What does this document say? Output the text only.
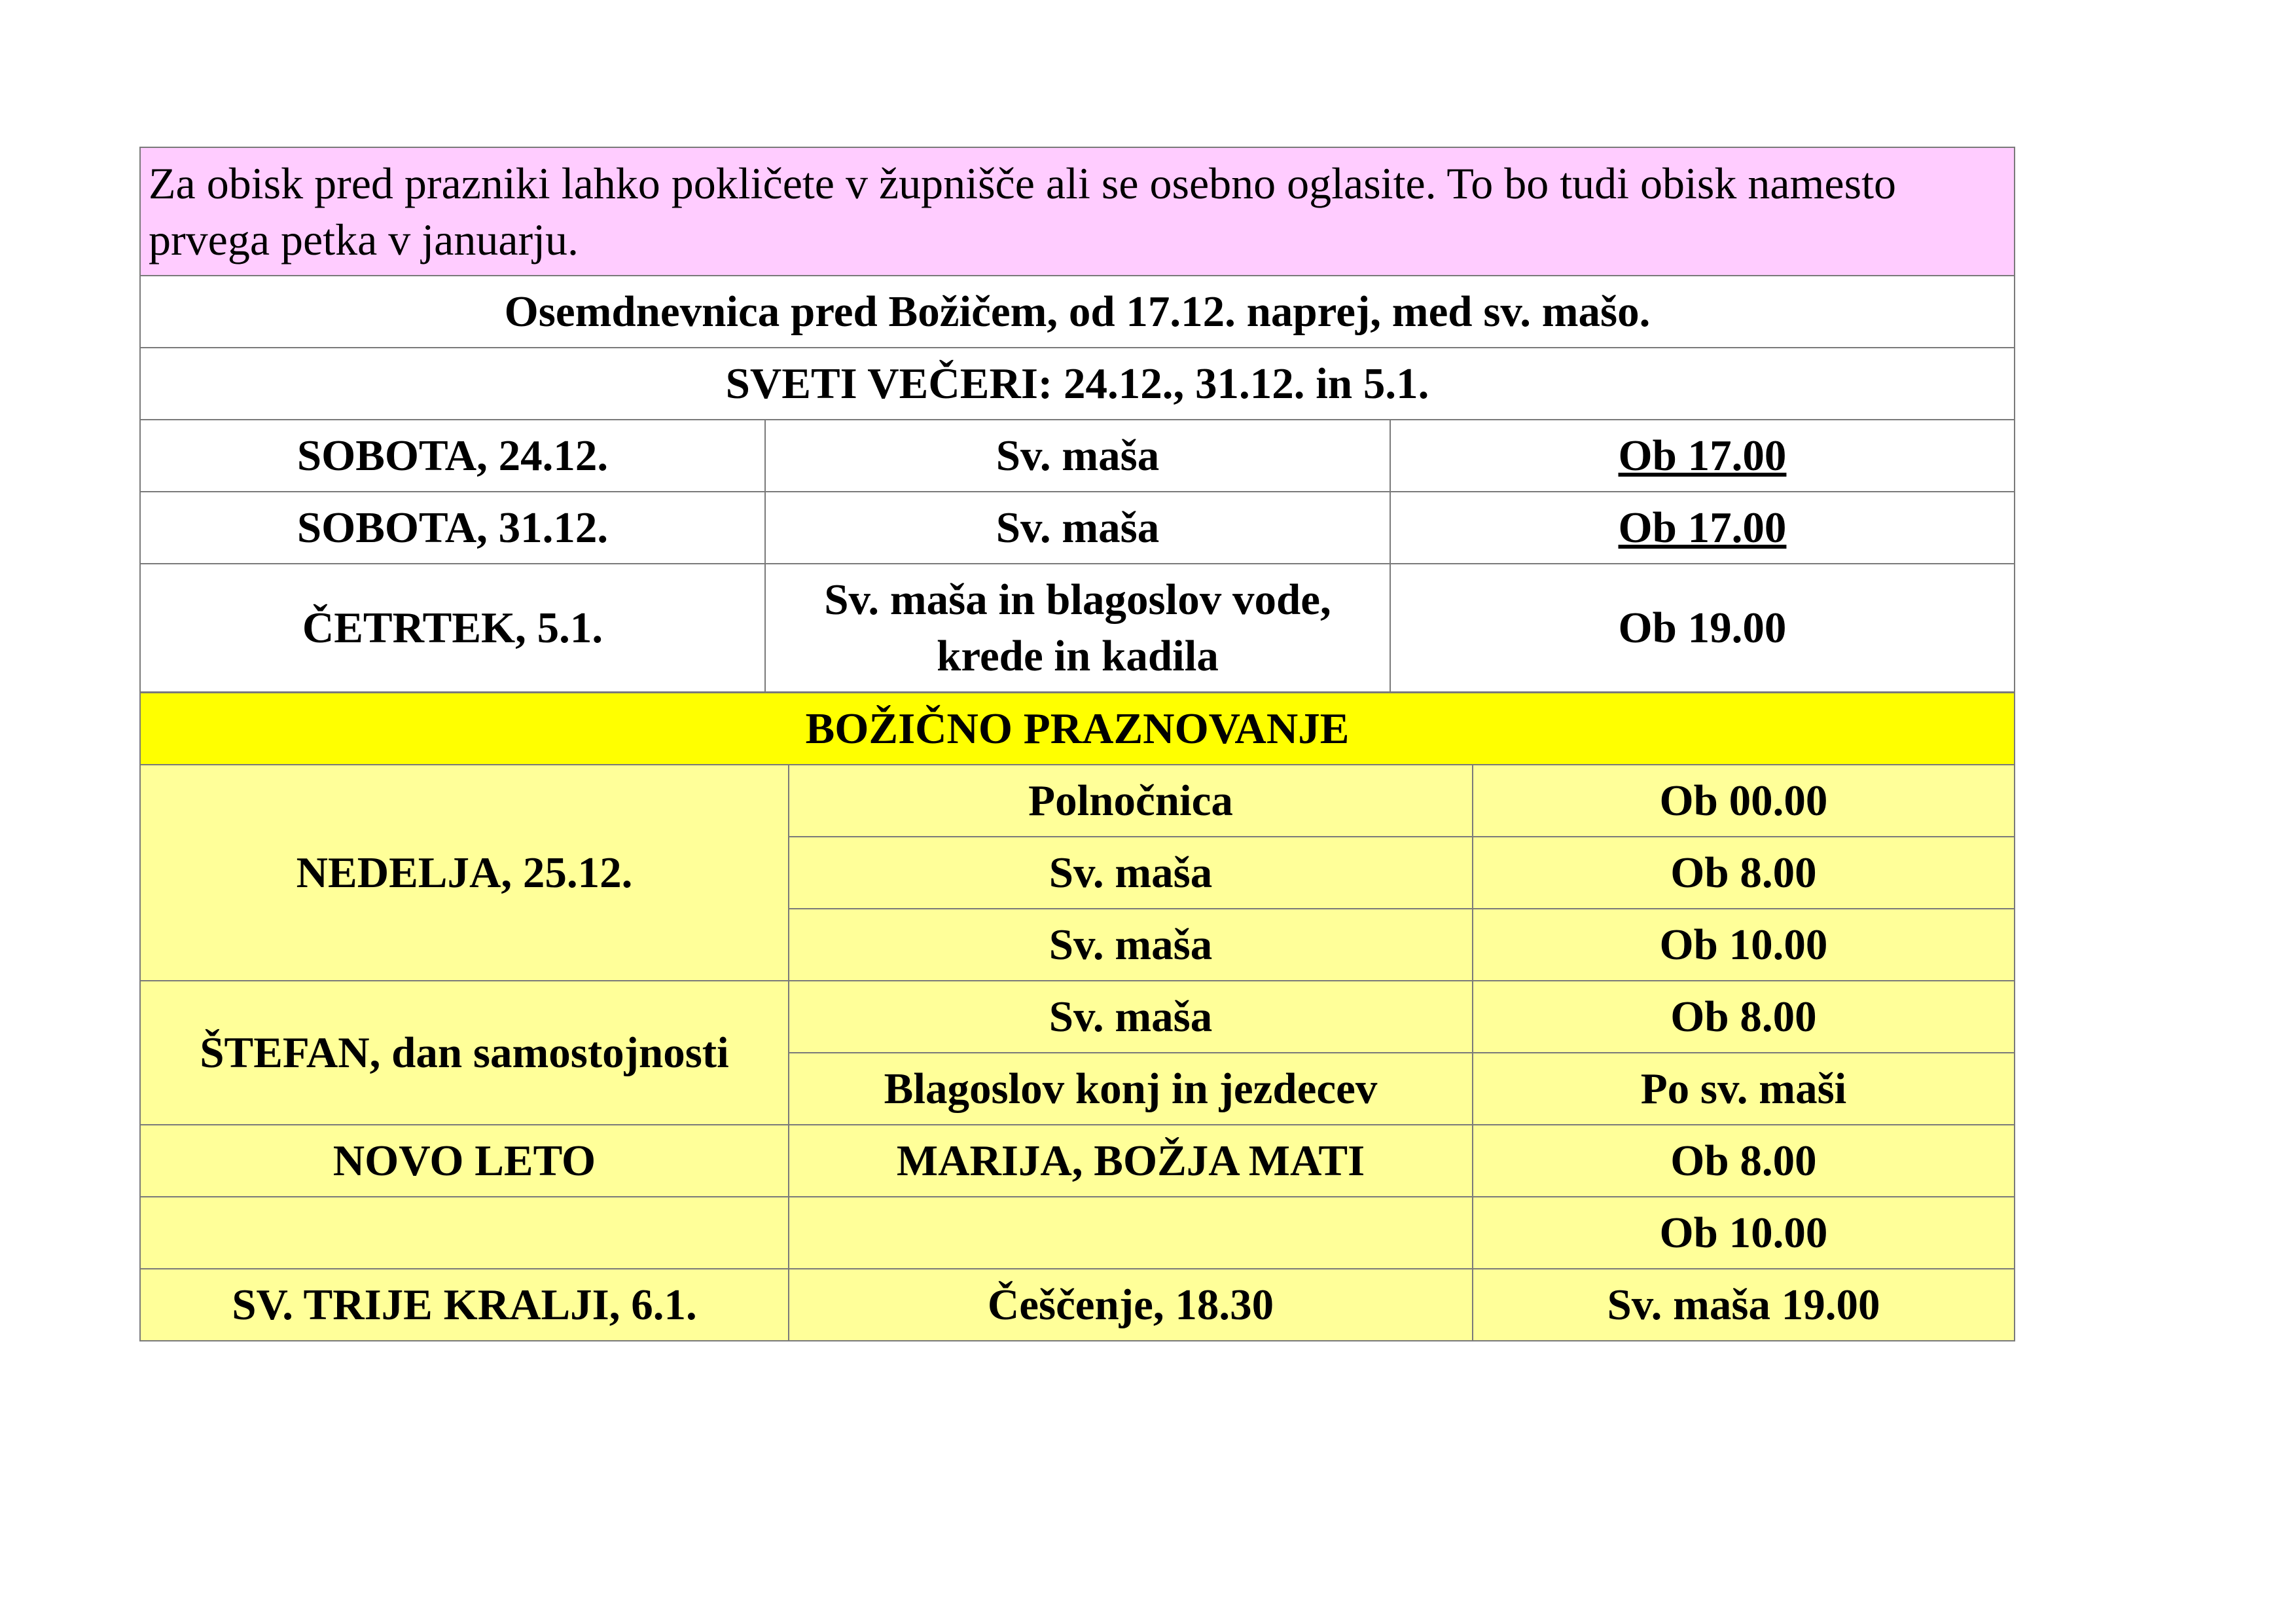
Za obisk pred prazniki lahko pokličete v župnišče ali se osebno oglasite. To bo tudi obisk namesto prvega petka v januarju.		
Osemdnevnica pred Božičem, od 17.12. naprej, med sv. mašo.		
SVETI VEČERI: 24.12., 31.12. in 5.1.		
SOBOTA, 24.12.	Sv. maša	Ob 17.00
SOBOTA, 31.12.	Sv. maša	Ob 17.00
ČETRTEK, 5.1.	Sv. maša in blagoslov vode, krede in kadila	Ob 19.00
BOŽIČNO PRAZNOVANJE		
NEDELJA, 25.12.	Polnočnica	Ob 00.00
	Sv. maša	Ob 8.00
	Sv. maša	Ob 10.00
ŠTEFAN, dan samostojnosti	Sv. maša	Ob 8.00
	Blagoslov konj in jezdecev	Po sv. maši
NOVO LETO	MARIJA, BOŽJA MATI	Ob 8.00
		Ob 10.00
SV. TRIJE KRALJI, 6.1.	Češčenje, 18.30	Sv. maša 19.00
